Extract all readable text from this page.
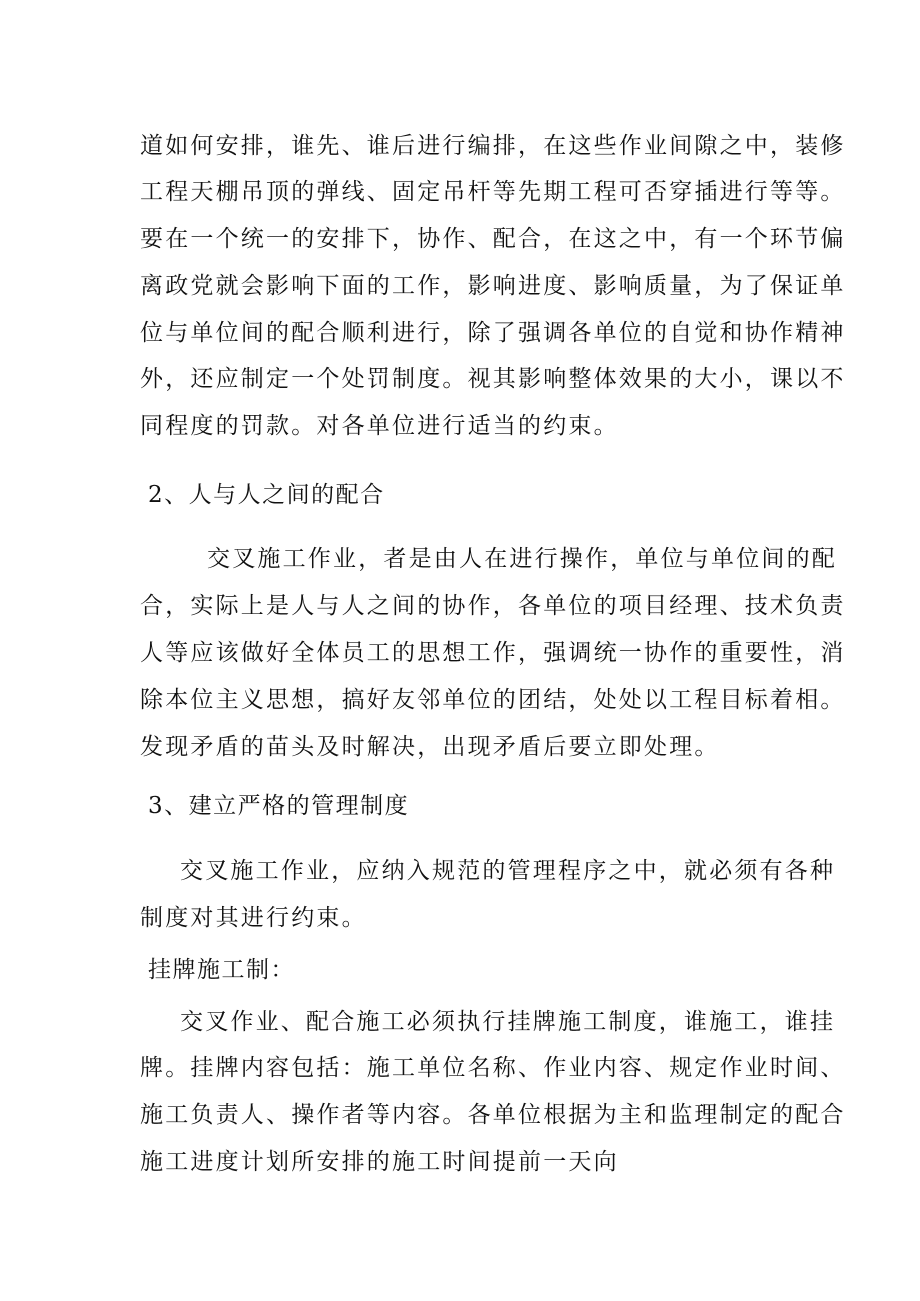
道如何安排，谁先、谁后进行编排，在这些作业间隙之中，装修
工程天棚吊顶的弹线、固定吊杆等先期工程可否穿插进行等等。
要在一个统一的安排下，协作、配合，在这之中，有一个环节偏
离政党就会影响下面的工作，影响进度、影响质量，为了保证单
位与单位间的配合顺利进行，除了强调各单位的自觉和协作精神
外，还应制定一个处罚制度。视其影响整体效果的大小，课以不
同程度的罚款。对各单位进行适当的约束。
2、人与人之间的配合
交叉施工作业，者是由人在进行操作，单位与单位间的配
合，实际上是人与人之间的协作，各单位的项目经理、技术负责
人等应该做好全体员工的思想工作，强调统一协作的重要性，消
除本位主义思想，搞好友邻单位的团结，处处以工程目标着相。
发现矛盾的苗头及时解决，出现矛盾后要立即处理。
3、建立严格的管理制度
交叉施工作业，应纳入规范的管理程序之中，就必须有各种
制度对其进行约束。
挂牌施工制：
交叉作业、配合施工必须执行挂牌施工制度，谁施工，谁挂
牌。挂牌内容包括：施工单位名称、作业内容、规定作业时间、
施工负责人、操作者等内容。各单位根据为主和监理制定的配合
施工进度计划所安排的施工时间提前一天向
